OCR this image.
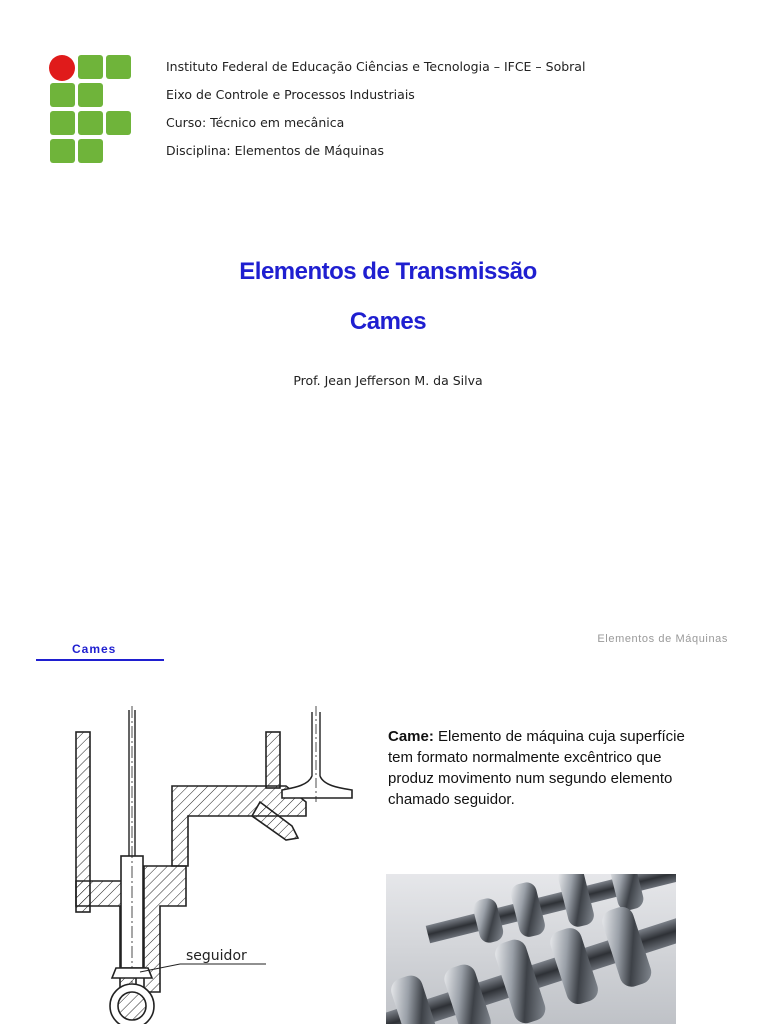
Instituto Federal de Educação Ciências e Tecnologia – IFCE – Sobral
Eixo de Controle e Processos Industriais
Curso: Técnico em mecânica
Disciplina: Elementos de Máquinas
Elementos de Transmissão
Cames
Prof. Jean Jefferson M. da Silva
Elementos de Máquinas
Cames
Came: Elemento de máquina cuja superfície tem formato normalmente excêntrico que produz movimento num segundo elemento chamado seguidor.
seguidor
